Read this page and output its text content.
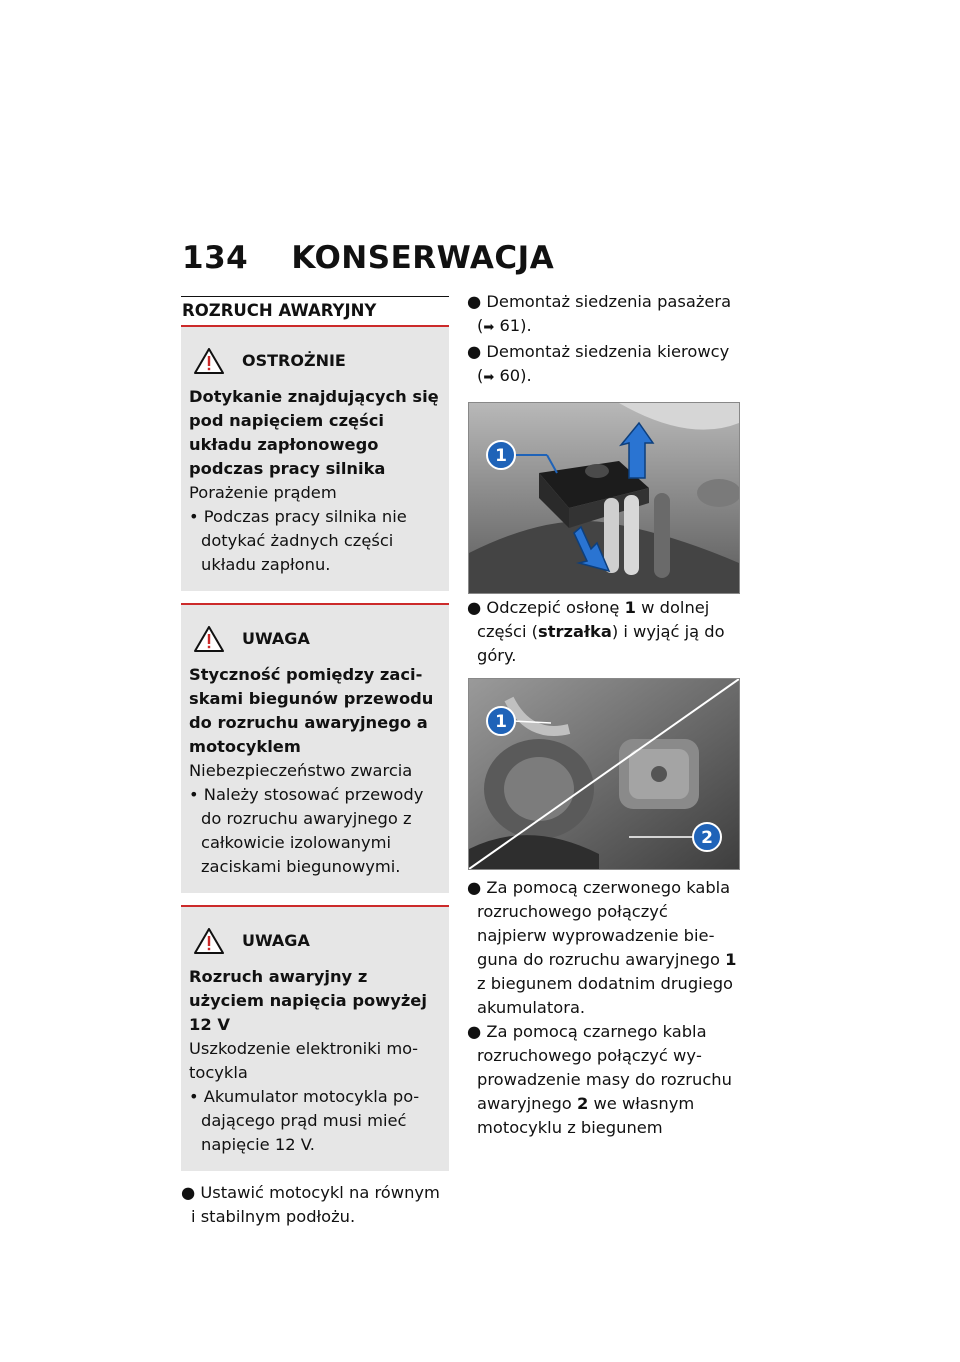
134 KONSERWACJA
ROZRUCH AWARYJNY
OSTROŻNIE
Dotykanie znajdujących się pod napięciem części układu zapłonowego podczas pracy silnika
Porażenie prądem
• Podczas pracy silnika nie dotykać żadnych części układu zapłonu.
UWAGA
Styczność pomiędzy zaciskami biegunów przewodu do rozruchu awaryjnego a motocyklem
Niebezpieczeństwo zwarcia
• Należy stosować przewody do rozruchu awaryjnego z całkowicie izolowanymi zaciskami biegunowymi.
UWAGA
Rozruch awaryjny z użyciem napięcia powyżej 12 V
Uszkodzenie elektroniki motocykla
• Akumulator motocykla podającego prąd musi mieć napięcie 12 V.
● Ustawić motocykl na równym i stabilnym podłożu.
● Demontaż siedzenia pasażera (➡ 61).
● Demontaż siedzenia kierowcy (➡ 60).
1
● Odczepić osłonę 1 w dolnej części (strzałka) i wyjąć ją do góry.
1
2
● Za pomocą czerwonego kabla rozruchowego połączyć najpierw wyprowadzenie bieguna do rozruchu awaryjnego 1 z biegunem dodatnim drugiego akumulatora.
● Za pomocą czarnego kabla rozruchowego połączyć wyprowadzenie masy do rozruchu awaryjnego 2 we własnym motocyklu z biegunem
